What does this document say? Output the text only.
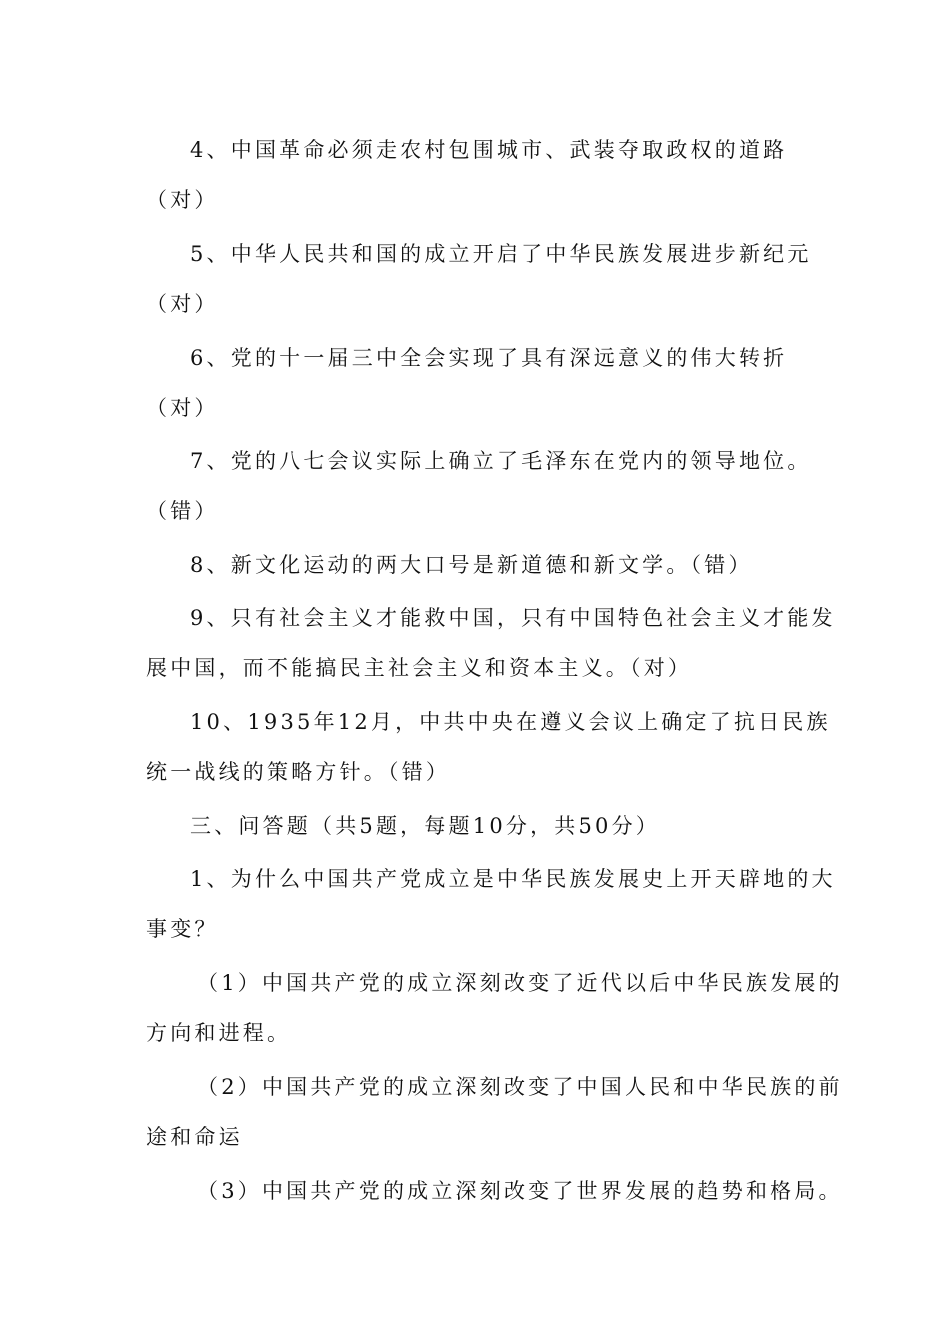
4、中国革命必须走农村包围城市、武装夺取政权的道路
（对）
5、中华人民共和国的成立开启了中华民族发展进步新纪元
（对）
6、党的十一届三中全会实现了具有深远意义的伟大转折
（对）
7、党的八七会议实际上确立了毛泽东在党内的领导地位。
（错）
8、新文化运动的两大口号是新道德和新文学。（错）
9、只有社会主义才能救中国，只有中国特色社会主义才能发
展中国，而不能搞民主社会主义和资本主义。（对）
10、1935年12月，中共中央在遵义会议上确定了抗日民族
统一战线的策略方针。（错）
三、问答题（共5题，每题10分，共50分）
1、为什么中国共产党成立是中华民族发展史上开天辟地的大
事变？
（1）中国共产党的成立深刻改变了近代以后中华民族发展的
方向和进程。
（2）中国共产党的成立深刻改变了中国人民和中华民族的前
途和命运
（3）中国共产党的成立深刻改变了世界发展的趋势和格局。
